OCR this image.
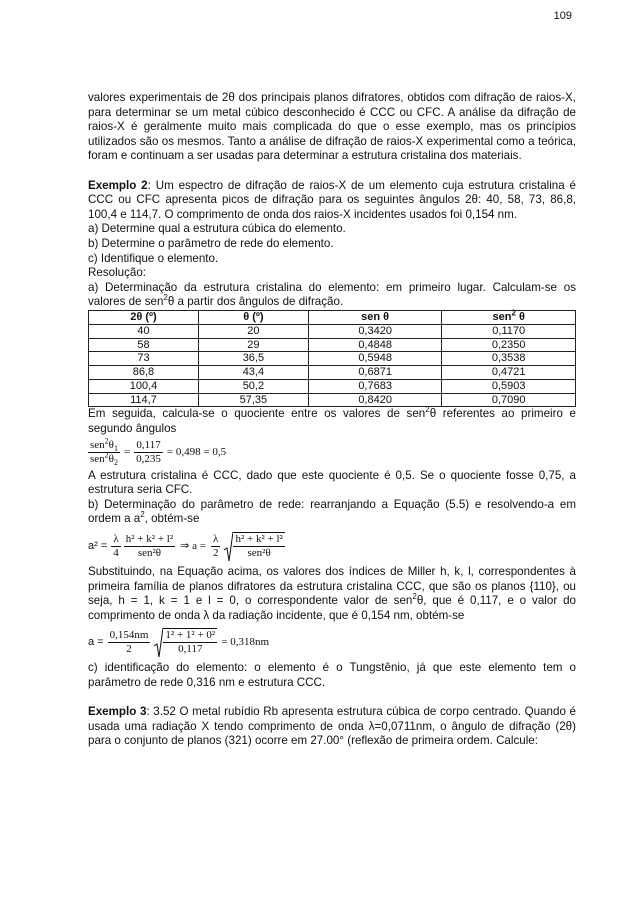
109

valores experimentais de 2θ dos principais planos difratores, obtidos com difração de raios-X, para determinar se um metal cúbico desconhecido é CCC ou CFC. A análise da difração de raios-X é geralmente muito mais complicada do que o esse exemplo, mas os princípios utilizados são os mesmos. Tanto a análise de difração de raios-X experimental como a teórica, foram e continuam a ser usadas para determinar a estrutura cristalina dos materiais.

Exemplo 2: Um espectro de difração de raios-X de um elemento cuja estrutura cristalina é CCC ou CFC apresenta picos de difração para os seguintes ângulos 2θ: 40, 58, 73, 86,8, 100,4 e 114,7. O comprimento de onda dos raios-X incidentes usados foi 0,154 nm.

a) Determine qual a estrutura cúbica do elemento.

b) Determine o parâmetro de rede do elemento.

c) Identifique o elemento.

Resolução:

a) Determinação da estrutura cristalina do elemento: em primeiro lugar. Calculam-se os valores de sen$^2$θ a partir dos ângulos de difração.

2θ (º)	θ (º)	sen θ	sen$^2$ θ
40	20	0,3420	0,1170
58	29	0,4848	0,2350
73	36,5	0,5948	0,3538
86,8	43,4	0,6871	0,4721
100,4	50,2	0,7683	0,5903
114,7	57,35	0,8420	0,7090

Em seguida, calcula-se o quociente entre os valores de sen$^2$θ referentes ao primeiro e segundo ângulos

$\frac{sen^2\theta_1}{sen^2\theta_2} = \frac{0,117}{0,235} = 0,498 = 0,5$

A estrutura cristalina é CCC, dado que este quociente é 0,5. Se o quociente fosse 0,75, a estrutura seria CFC.

b) Determinação do parâmetro de rede: rearranjando a Equação (5.5) e resolvendo-a em ordem a $a^2$, obtém-se

$a^2 = \frac{\lambda}{4} \frac{\text{h² + k² + l²}}{\text{sen²θ}}$ ⇒ $a = \frac{\lambda}{2} \frac{\text{h² + k² + l²}}{\text{sen²θ}}$

Substituindo, na Equação acima, os valores dos índices de Miller h, k, l, correspondentes à primeira família de planos difratores da estrutura cristalina CCC, que são os planos {110}, ou seja, h = 1, k = 1 e l = 0, o correspondente valor de sen$^2$θ, que é 0,117, e o valor do comprimento de onda λ da radiação incidente, que é 0,154 nm, obtém-se

$a = \frac{0,154nm}{2} \frac{\text{1² + 1² + 0²}}{0,117} = 0,318nm$

c) identificação do elemento: o elemento é o Tungstênio, já que este elemento tem o parâmetro de rede 0,316 nm e estrutura CCC.

Exemplo 3: 3.52 O metal rubídio Rb apresenta estrutura cúbica de corpo centrado. Quando é usada uma radiação X tendo comprimento de onda λ=0,0711nm, o ângulo de difração (2θ) para o conjunto de planos (321) ocorre em 27.00° (reflexão de primeira ordem. Calcule:
